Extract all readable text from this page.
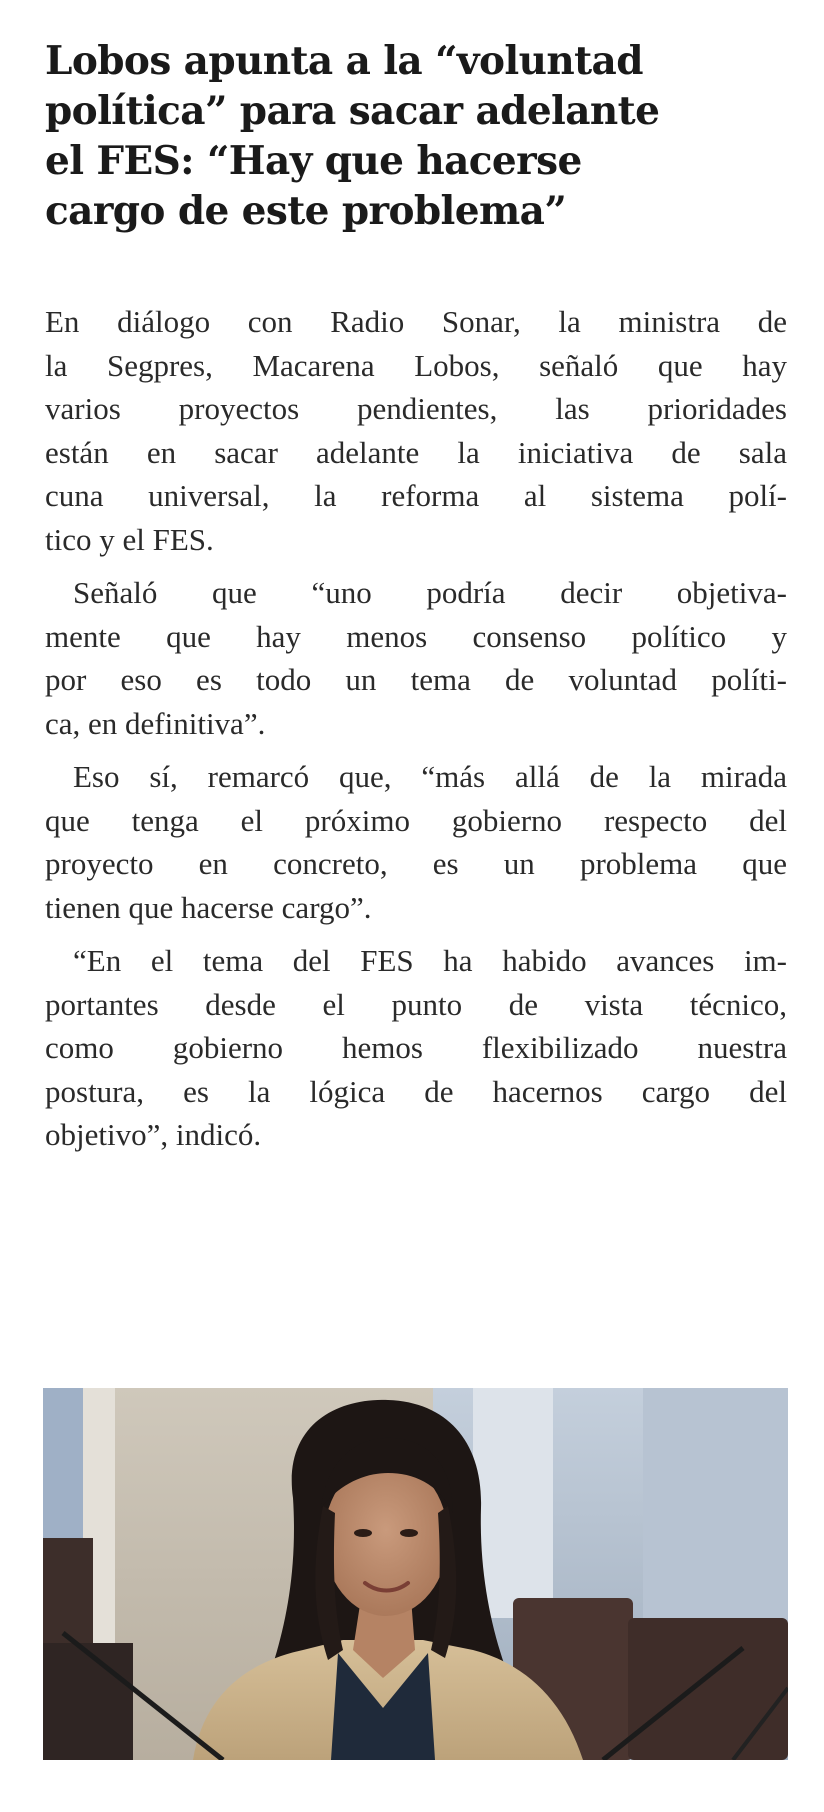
Lobos apunta a la “voluntad
política” para sacar adelante
el FES: “Hay que hacerse
cargo de este problema”

En diálogo con Radio Sonar, la ministra de
la Segpres, Macarena Lobos, señaló que hay
varios proyectos pendientes, las prioridades
están en sacar adelante la iniciativa de sala
cuna universal, la reforma al sistema polí-
tico y el FES.

Señaló que “uno podría decir objetiva-
mente que hay menos consenso político y
por eso es todo un tema de voluntad políti-
ca, en definitiva”.

Eso sí, remarcó que, “más allá de la mirada
que tenga el próximo gobierno respecto del
proyecto en concreto, es un problema que
tienen que hacerse cargo”.

“En el tema del FES ha habido avances im-
portantes desde el punto de vista técnico,
como gobierno hemos flexibilizado nuestra
postura, es la lógica de hacernos cargo del
objetivo”, indicó.
